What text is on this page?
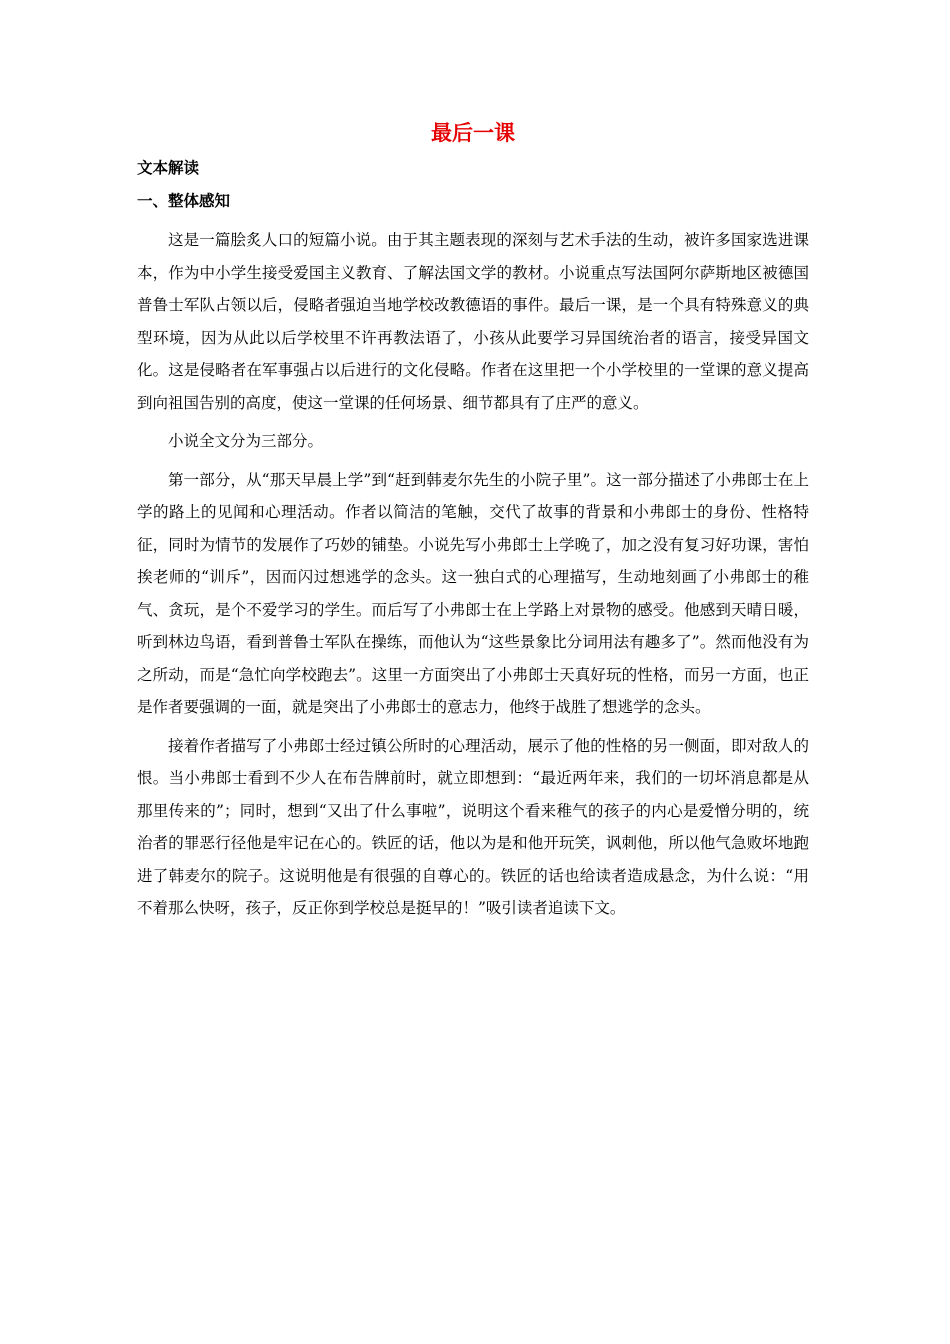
最后一课
文本解读
一、整体感知

这是一篇脍炙人口的短篇小说。由于其主题表现的深刻与艺术手法的生动，被许多国家选进课本，作为中小学生接受爱国主义教育、了解法国文学的教材。小说重点写法国阿尔萨斯地区被德国普鲁士军队占领以后，侵略者强迫当地学校改教德语的事件。最后一课，是一个具有特殊意义的典型环境，因为从此以后学校里不许再教法语了，小孩从此要学习异国统治者的语言，接受异国文化。这是侵略者在军事强占以后进行的文化侵略。作者在这里把一个小学校里的一堂课的意义提高到向祖国告别的高度，使这一堂课的任何场景、细节都具有了庄严的意义。

小说全文分为三部分。

第一部分，从“那天早晨上学”到“赶到韩麦尔先生的小院子里”。这一部分描述了小弗郎士在上学的路上的见闻和心理活动。作者以简洁的笔触，交代了故事的背景和小弗郎士的身份、性格特征，同时为情节的发展作了巧妙的铺垫。小说先写小弗郎士上学晚了，加之没有复习好功课，害怕挨老师的“训斥”，因而闪过想逃学的念头。这一独白式的心理描写，生动地刻画了小弗郎士的稚气、贪玩，是个不爱学习的学生。而后写了小弗郎士在上学路上对景物的感受。他感到天晴日暖，听到林边鸟语，看到普鲁士军队在操练，而他认为“这些景象比分词用法有趣多了”。然而他没有为之所动，而是“急忙向学校跑去”。这里一方面突出了小弗郎士天真好玩的性格，而另一方面，也正是作者要强调的一面，就是突出了小弗郎士的意志力，他终于战胜了想逃学的念头。

接着作者描写了小弗郎士经过镇公所时的心理活动，展示了他的性格的另一侧面，即对敌人的恨。当小弗郎士看到不少人在布告牌前时，就立即想到：“最近两年来，我们的一切坏消息都是从那里传来的”；同时，想到“又出了什么事啦”，说明这个看来稚气的孩子的内心是爱憎分明的，统治者的罪恶行径他是牢记在心的。铁匠的话，他以为是和他开玩笑，讽刺他，所以他气急败坏地跑进了韩麦尔的院子。这说明他是有很强的自尊心的。铁匠的话也给读者造成悬念，为什么说：“用不着那么快呀，孩子，反正你到学校总是挺早的！”吸引读者追读下文。
